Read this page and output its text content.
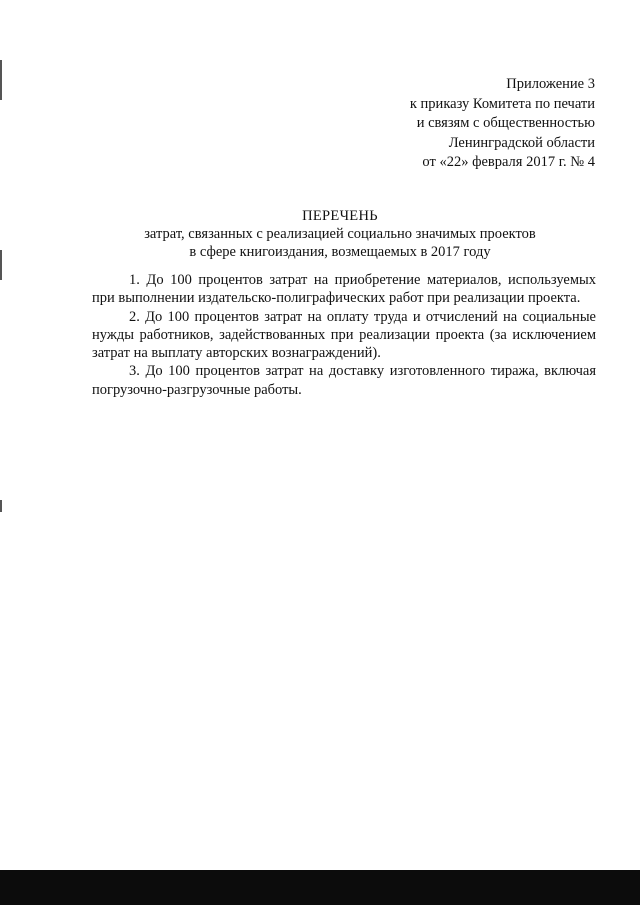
Приложение 3
к приказу Комитета по печати
и связям с общественностью
Ленинградской области
от «22» февраля 2017 г. № 4
ПЕРЕЧЕНЬ
затрат, связанных с реализацией социально значимых проектов
в сфере книгоиздания, возмещаемых в 2017 году

1. До 100 процентов затрат на приобретение материалов, используемых при выполнении издательско-полиграфических работ при реализации проекта.

2. До 100 процентов затрат на оплату труда и отчислений на социальные нужды работников, задействованных при реализации проекта (за исключением затрат на выплату авторских вознаграждений).

3. До 100 процентов затрат на доставку изготовленного тиража, включая погрузочно-разгрузочные работы.
